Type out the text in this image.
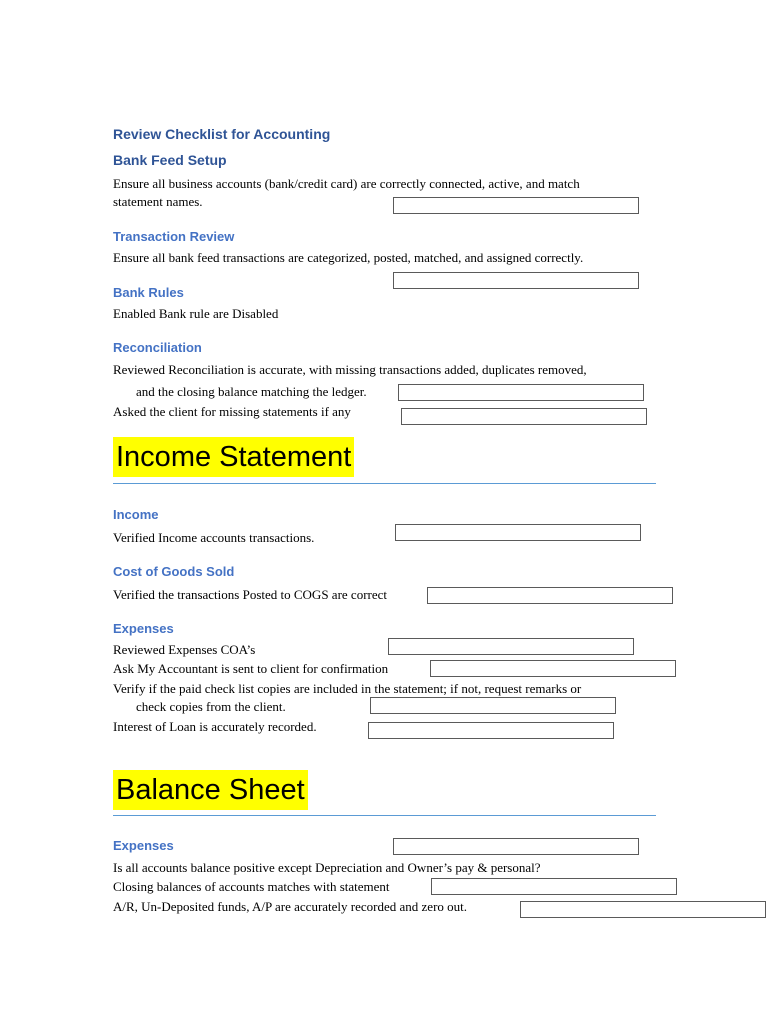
Review Checklist for Accounting
Bank Feed Setup
Ensure all business accounts (bank/credit card) are correctly connected, active, and match
statement names.
Transaction Review
Ensure all bank feed transactions are categorized, posted, matched, and assigned correctly.
Bank Rules
Enabled Bank rule are Disabled
Reconciliation
Reviewed Reconciliation is accurate, with missing transactions added, duplicates removed,
and the closing balance matching the ledger.
Asked the client for missing statements if any
Income Statement
Income
Verified Income accounts transactions.
Cost of Goods Sold
Verified the transactions Posted to COGS are correct
Expenses
Reviewed Expenses COA’s
Ask My Accountant is sent to client for confirmation
Verify if the paid check list copies are included in the statement; if not, request remarks or
check copies from the client.
Interest of Loan is accurately recorded.
Balance Sheet
Expenses
Is all accounts balance positive except Depreciation and Owner’s pay & personal?
Closing balances of accounts matches with statement
A/R, Un-Deposited funds, A/P are accurately recorded and zero out.
